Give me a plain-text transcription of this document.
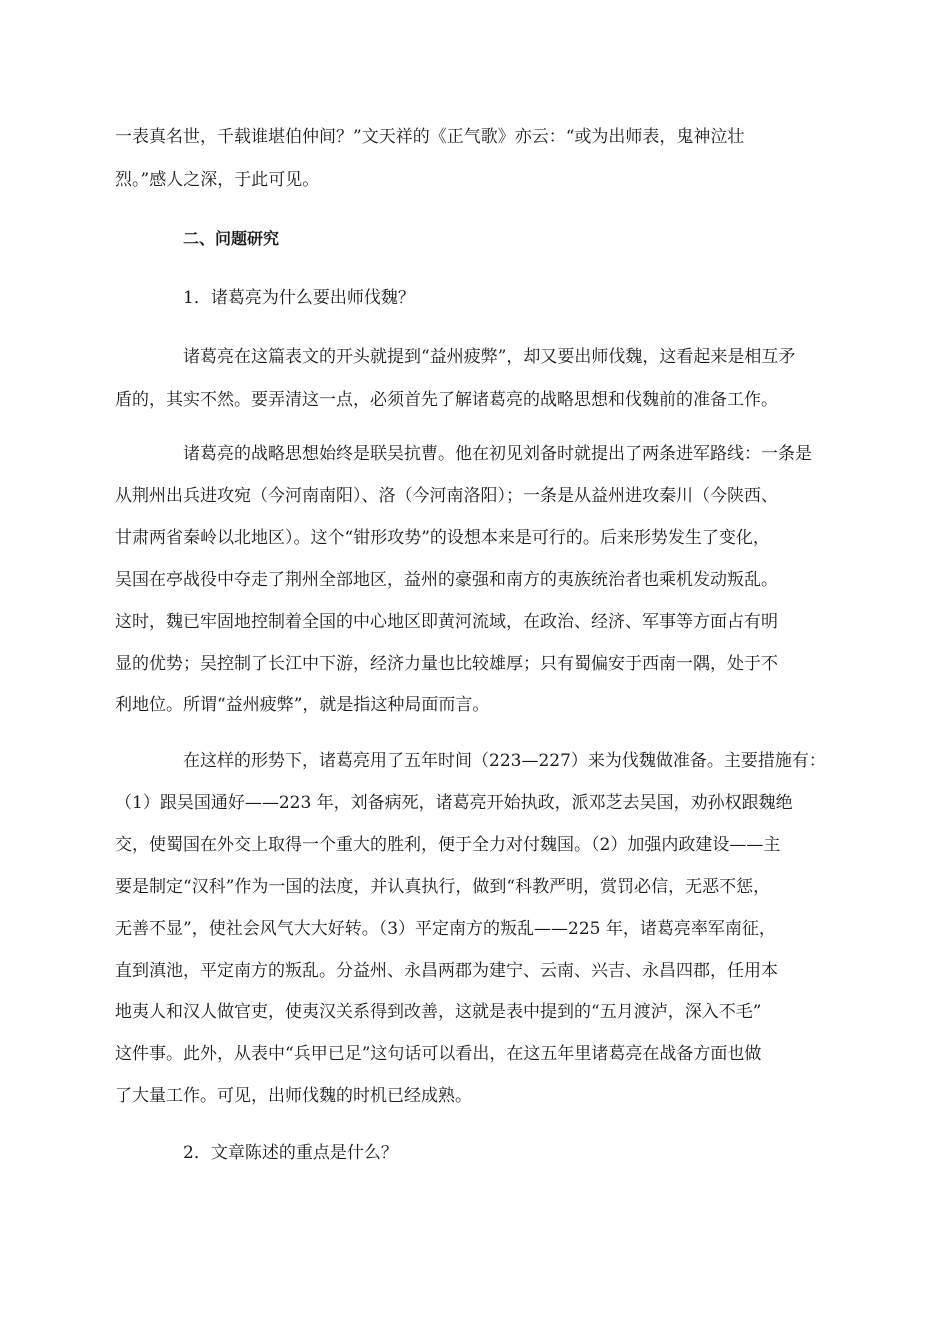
一表真名世，千载谁堪伯仲间？”文天祥的《正气歌》亦云：“或为出师表，鬼神泣壮
烈。”感人之深，于此可见。
二、问题研究
1．诸葛亮为什么要出师伐魏？
诸葛亮在这篇表文的开头就提到“益州疲弊”，却又要出师伐魏，这看起来是相互矛
盾的，其实不然。要弄清这一点，必须首先了解诸葛亮的战略思想和伐魏前的准备工作。
诸葛亮的战略思想始终是联吴抗曹。他在初见刘备时就提出了两条进军路线：一条是
从荆州出兵进攻宛（今河南南阳）、洛（今河南洛阳）；一条是从益州进攻秦川（今陕西、
甘肃两省秦岭以北地区）。这个“钳形攻势”的设想本来是可行的。后来形势发生了变化，
吴国在亭战役中夺走了荆州全部地区，益州的豪强和南方的夷族统治者也乘机发动叛乱。
这时，魏已牢固地控制着全国的中心地区即黄河流域，在政治、经济、军事等方面占有明
显的优势；吴控制了长江中下游，经济力量也比较雄厚；只有蜀偏安于西南一隅，处于不
利地位。所谓“益州疲弊”，就是指这种局面而言。
在这样的形势下，诸葛亮用了五年时间（223—227）来为伐魏做准备。主要措施有：
（1）跟吴国通好——223 年，刘备病死，诸葛亮开始执政，派邓芝去吴国，劝孙权跟魏绝
交，使蜀国在外交上取得一个重大的胜利，便于全力对付魏国。（2）加强内政建设——主
要是制定“汉科”作为一国的法度，并认真执行，做到“科教严明，赏罚必信，无恶不惩，
无善不显”，使社会风气大大好转。（3）平定南方的叛乱——225 年，诸葛亮率军南征，
直到滇池，平定南方的叛乱。分益州、永昌两郡为建宁、云南、兴吉、永昌四郡，任用本
地夷人和汉人做官吏，使夷汉关系得到改善，这就是表中提到的“五月渡泸，深入不毛”
这件事。此外，从表中“兵甲已足”这句话可以看出，在这五年里诸葛亮在战备方面也做
了大量工作。可见，出师伐魏的时机已经成熟。
2．文章陈述的重点是什么？
